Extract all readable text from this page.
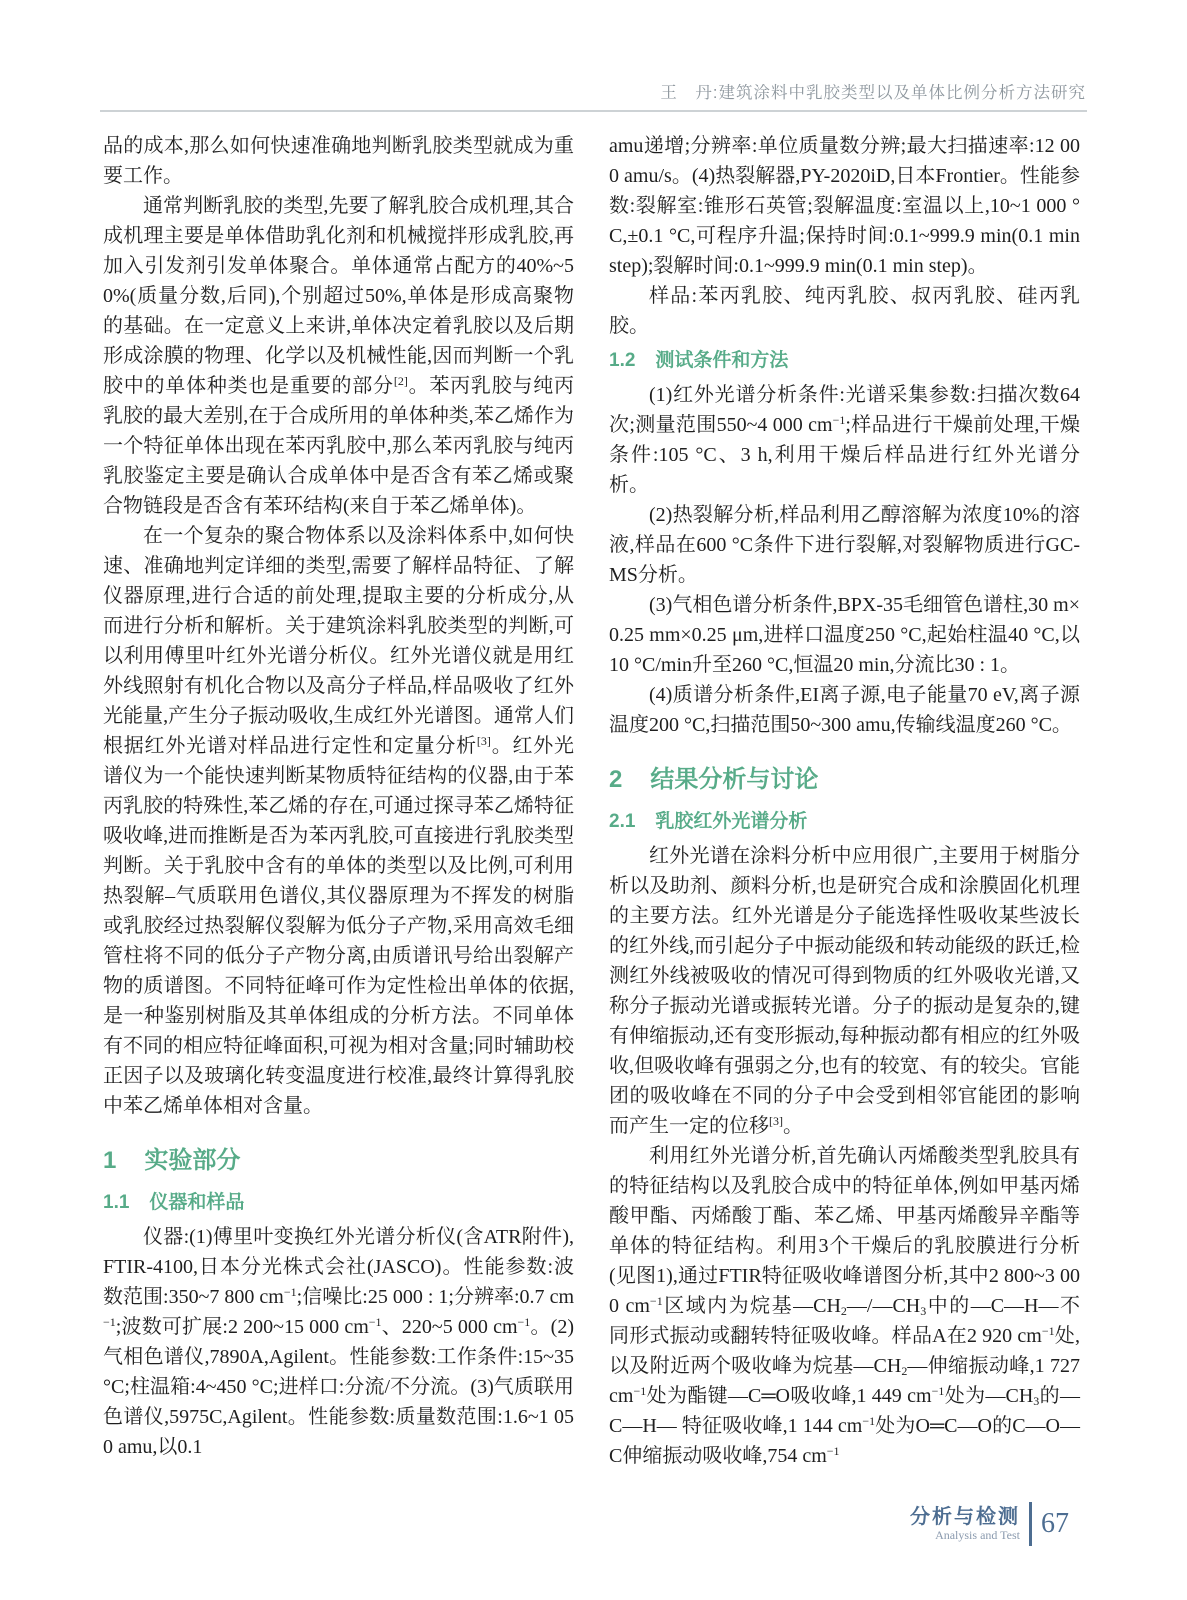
王　丹:建筑涂料中乳胶类型以及单体比例分析方法研究

品的成本,那么如何快速准确地判断乳胶类型就成为重要工作。

通常判断乳胶的类型,先要了解乳胶合成机理,其合成机理主要是单体借助乳化剂和机械搅拌形成乳胶,再加入引发剂引发单体聚合。单体通常占配方的40%~50%(质量分数,后同),个别超过50%,单体是形成高聚物的基础。在一定意义上来讲,单体决定着乳胶以及后期形成涂膜的物理、化学以及机械性能,因而判断一个乳胶中的单体种类也是重要的部分[2]。苯丙乳胶与纯丙乳胶的最大差别,在于合成所用的单体种类,苯乙烯作为一个特征单体出现在苯丙乳胶中,那么苯丙乳胶与纯丙乳胶鉴定主要是确认合成单体中是否含有苯乙烯或聚合物链段是否含有苯环结构(来自于苯乙烯单体)。

在一个复杂的聚合物体系以及涂料体系中,如何快速、准确地判定详细的类型,需要了解样品特征、了解仪器原理,进行合适的前处理,提取主要的分析成分,从而进行分析和解析。关于建筑涂料乳胶类型的判断,可以利用傅里叶红外光谱分析仪。红外光谱仪就是用红外线照射有机化合物以及高分子样品,样品吸收了红外光能量,产生分子振动吸收,生成红外光谱图。通常人们根据红外光谱对样品进行定性和定量分析[3]。红外光谱仪为一个能快速判断某物质特征结构的仪器,由于苯丙乳胶的特殊性,苯乙烯的存在,可通过探寻苯乙烯特征吸收峰,进而推断是否为苯丙乳胶,可直接进行乳胶类型判断。关于乳胶中含有的单体的类型以及比例,可利用热裂解–气质联用色谱仪,其仪器原理为不挥发的树脂或乳胶经过热裂解仪裂解为低分子产物,采用高效毛细管柱将不同的低分子产物分离,由质谱讯号给出裂解产物的质谱图。不同特征峰可作为定性检出单体的依据,是一种鉴别树脂及其单体组成的分析方法。不同单体有不同的相应特征峰面积,可视为相对含量;同时辅助校正因子以及玻璃化转变温度进行校准,最终计算得乳胶中苯乙烯单体相对含量。

1 实验部分
1.1 仪器和样品

仪器:(1)傅里叶变换红外光谱分析仪(含ATR附件),FTIR-4100,日本分光株式会社(JASCO)。性能参数:波数范围:350~7 800 $cm^{-1}$;信噪比:25 000 : 1;分辨率:0.7 $cm^{-1}$;波数可扩展:2 200~15 000 $cm^{-1}$、220~5 000 $cm^{-1}$。(2)气相色谱仪,7890A,Agilent。性能参数:工作条件:15~35 °C;柱温箱:4~450 °C;进样口:分流/不分流。(3)气质联用色谱仪,5975C,Agilent。性能参数:质量数范围:1.6~1 050 amu,以0.1

amu递增;分辨率:单位质量数分辨;最大扫描速率:12 000 amu/s。(4)热裂解器,PY-2020iD,日本Frontier。性能参数:裂解室:锥形石英管;裂解温度:室温以上,10~1 000 °C,±0.1 °C,可程序升温;保持时间:0.1~999.9 min(0.1 min step);裂解时间:0.1~999.9 min(0.1 min step)。

样品:苯丙乳胶、纯丙乳胶、叔丙乳胶、硅丙乳胶。

1.2 测试条件和方法

(1)红外光谱分析条件:光谱采集参数:扫描次数64次;测量范围550~4 000 $cm^{-1}$;样品进行干燥前处理,干燥条件:105 °C、3 h,利用干燥后样品进行红外光谱分析。

(2)热裂解分析,样品利用乙醇溶解为浓度10%的溶液,样品在600 °C条件下进行裂解,对裂解物质进行GC-MS分析。

(3)气相色谱分析条件,BPX-35毛细管色谱柱,30 m×0.25 mm×0.25 μm,进样口温度250 °C,起始柱温40 °C,以10 °C/min升至260 °C,恒温20 min,分流比30 : 1。

(4)质谱分析条件,EI离子源,电子能量70 eV,离子源温度200 °C,扫描范围50~300 amu,传输线温度260 °C。

2 结果分析与讨论
2.1 乳胶红外光谱分析

红外光谱在涂料分析中应用很广,主要用于树脂分析以及助剂、颜料分析,也是研究合成和涂膜固化机理的主要方法。红外光谱是分子能选择性吸收某些波长的红外线,而引起分子中振动能级和转动能级的跃迁,检测红外线被吸收的情况可得到物质的红外吸收光谱,又称分子振动光谱或振转光谱。分子的振动是复杂的,键有伸缩振动,还有变形振动,每种振动都有相应的红外吸收,但吸收峰有强弱之分,也有的较宽、有的较尖。官能团的吸收峰在不同的分子中会受到相邻官能团的影响而产生一定的位移[3]。

利用红外光谱分析,首先确认丙烯酸类型乳胶具有的特征结构以及乳胶合成中的特征单体,例如甲基丙烯酸甲酯、丙烯酸丁酯、苯乙烯、甲基丙烯酸异辛酯等单体的特征结构。利用3个干燥后的乳胶膜进行分析(见图1),通过FTIR特征吸收峰谱图分析,其中2 800~3 000 $cm^{-1}$区域内为烷基$—CH_2—/—CH_3$中的—C—H—不同形式振动或翻转特征吸收峰。样品A在2 920 $cm^{-1}$处,以及附近两个吸收峰为烷基$—CH_2—$伸缩振动峰,1 727 $cm^{-1}$处为酯键—C═O吸收峰,1 449 $cm^{-1}$处为$—CH_3$的—C—H— 特征吸收峰,1 144 $cm^{-1}$处为O═C—O的C—O—C伸缩振动吸收峰,754 $cm^{-1}$

分析与检测
Analysis and Test 67
